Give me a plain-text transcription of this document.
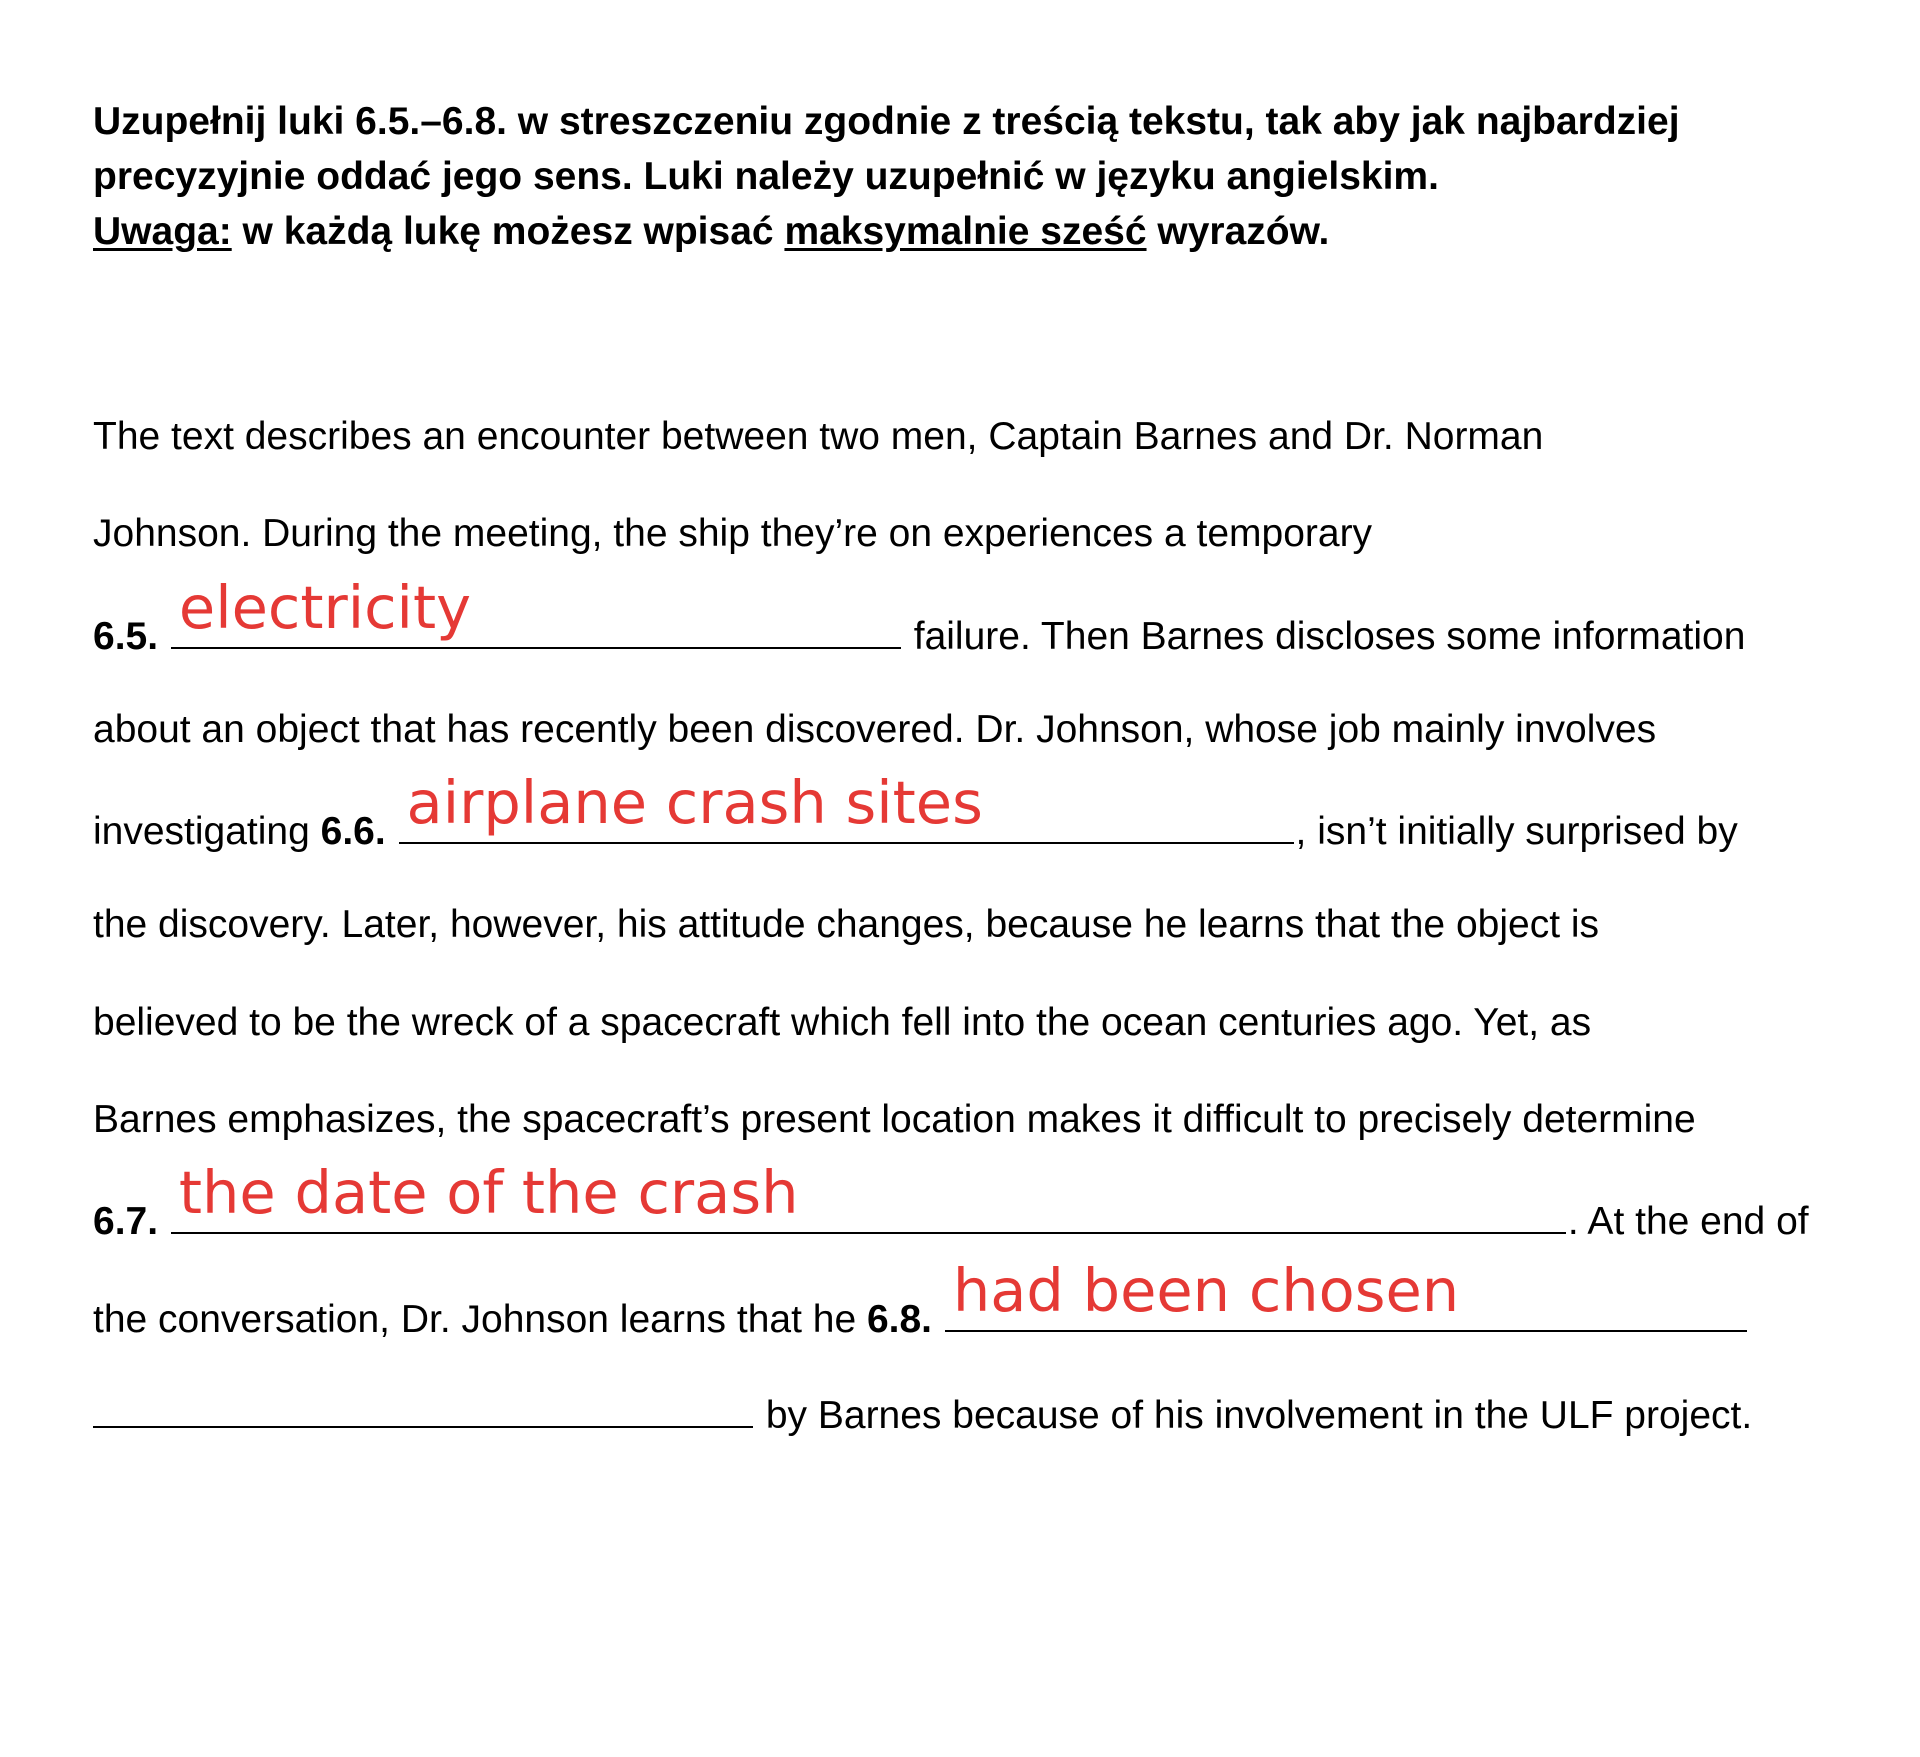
Uzupełnij luki 6.5.–6.8. w streszczeniu zgodnie z treścią tekstu, tak aby jak najbardziej
precyzyjnie oddać jego sens. Luki należy uzupełnić w języku angielskim.
Uwaga: w każdą lukę możesz wpisać maksymalnie sześć wyrazów.
The text describes an encounter between two men, Captain Barnes and Dr. Norman
Johnson. During the meeting, the ship they’re on experiences a temporary
6.5. electricity	failure. Then Barnes discloses some information
about an object that has recently been discovered. Dr. Johnson, whose job mainly involves
investigating 6.6. airplane crash sites	, isn’t initially surprised by
the discovery. Later, however, his attitude changes, because he learns that the object is
believed to be the wreck of a spacecraft which fell into the ocean centuries ago. Yet, as
Barnes emphasizes, the spacecraft’s present location makes it difficult to precisely determine
6.7. the date of the crash	. At the end of
the conversation, Dr. Johnson learns that he 6.8. had been chosen
by Barnes because of his involvement in the ULF project.
